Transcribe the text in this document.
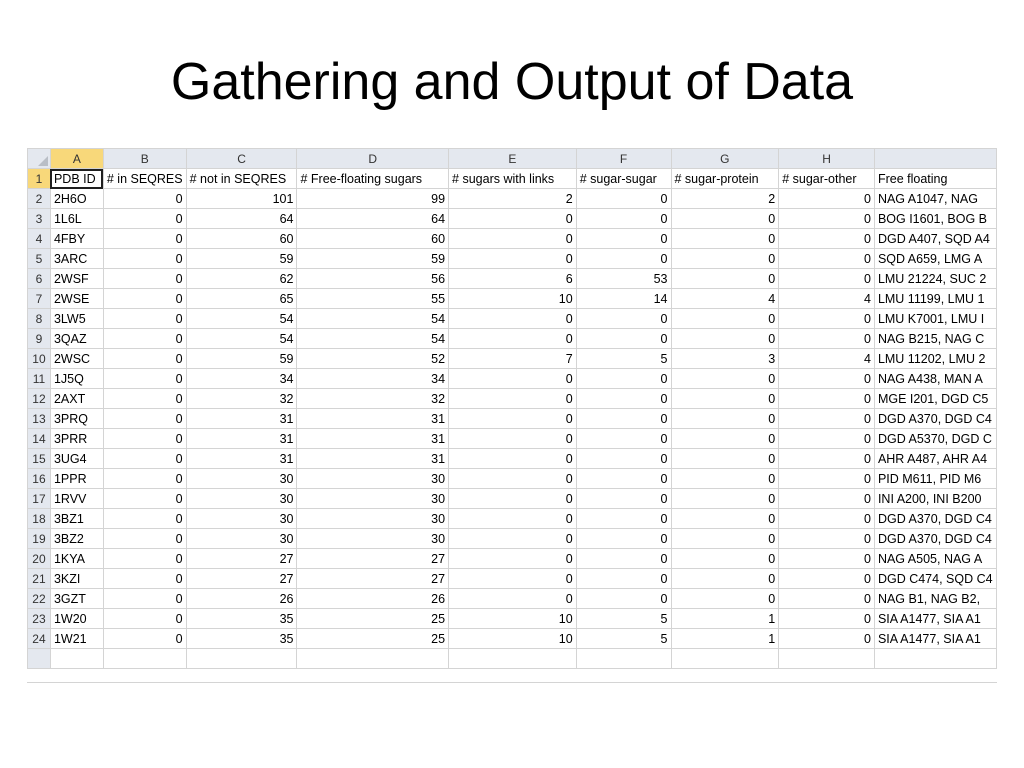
Gathering and Output of Data
	A	B	C	D	E	F	G	H	
1	PDB ID	# in SEQRES	# not in SEQRES	# Free-floating sugars	# sugars with links	# sugar-sugar	# sugar-protein	# sugar-other	Free floating
2	2H6O	0	101	99	2	0	2	0	NAG A1047, NAG
3	1L6L	0	64	64	0	0	0	0	BOG I1601, BOG B
4	4FBY	0	60	60	0	0	0	0	DGD A407, SQD A4
5	3ARC	0	59	59	0	0	0	0	SQD A659, LMG A
6	2WSF	0	62	56	6	53	0	0	LMU 21224, SUC 2
7	2WSE	0	65	55	10	14	4	4	LMU 11199, LMU 1
8	3LW5	0	54	54	0	0	0	0	LMU K7001, LMU I
9	3QAZ	0	54	54	0	0	0	0	NAG B215, NAG C
10	2WSC	0	59	52	7	5	3	4	LMU 11202, LMU 2
11	1J5Q	0	34	34	0	0	0	0	NAG A438, MAN A
12	2AXT	0	32	32	0	0	0	0	MGE I201, DGD C5
13	3PRQ	0	31	31	0	0	0	0	DGD A370, DGD C4
14	3PRR	0	31	31	0	0	0	0	DGD A5370, DGD C
15	3UG4	0	31	31	0	0	0	0	AHR A487, AHR A4
16	1PPR	0	30	30	0	0	0	0	PID M611, PID M6
17	1RVV	0	30	30	0	0	0	0	INI A200, INI B200
18	3BZ1	0	30	30	0	0	0	0	DGD A370, DGD C4
19	3BZ2	0	30	30	0	0	0	0	DGD A370, DGD C4
20	1KYA	0	27	27	0	0	0	0	NAG A505, NAG A
21	3KZI	0	27	27	0	0	0	0	DGD C474, SQD C4
22	3GZT	0	26	26	0	0	0	0	NAG B1, NAG B2,
23	1W20	0	35	25	10	5	1	0	SIA A1477, SIA A1
24	1W21	0	35	25	10	5	1	0	SIA A1477, SIA A1
